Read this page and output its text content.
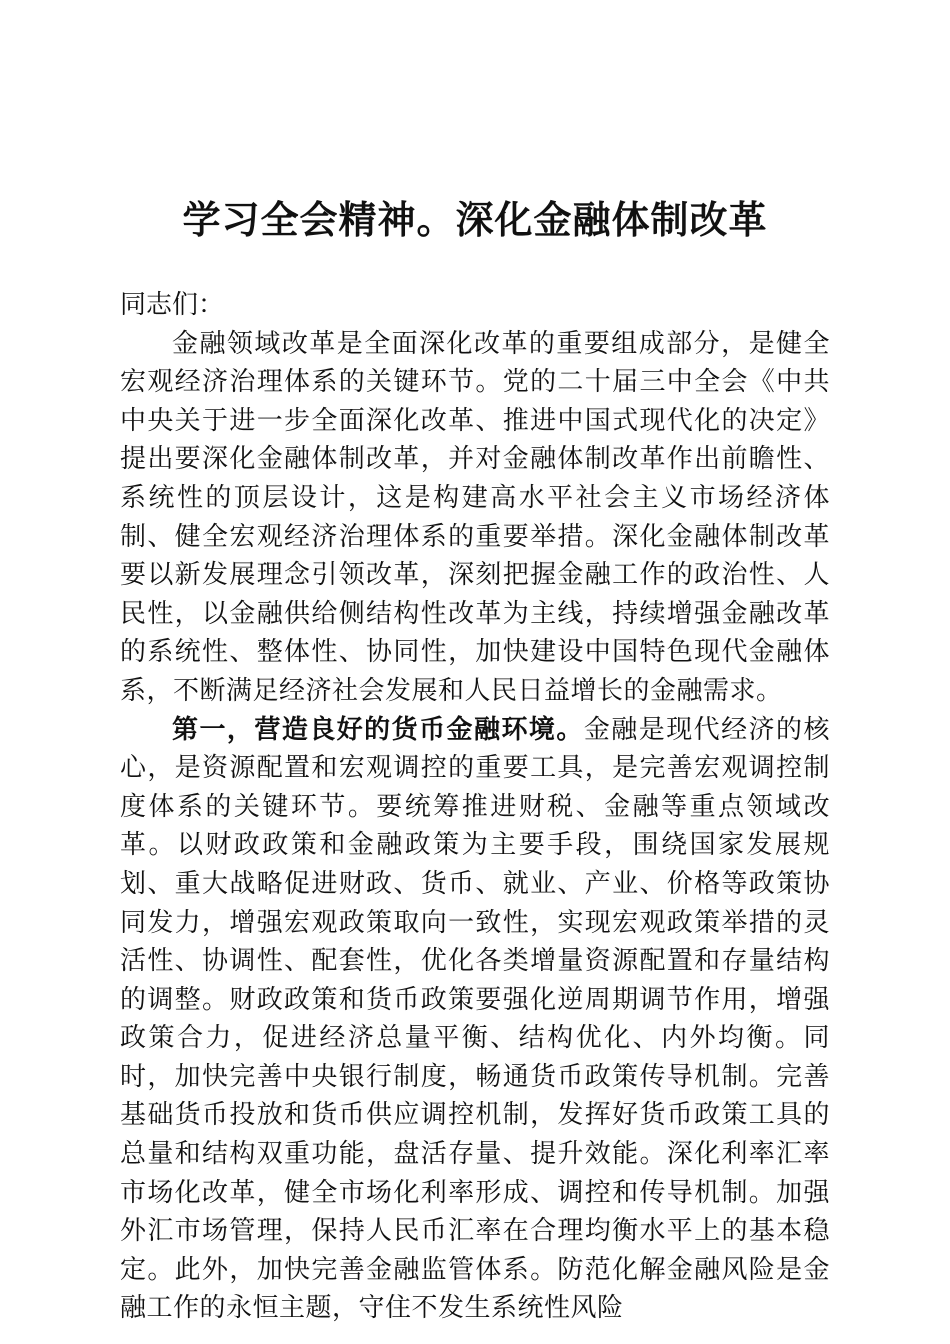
学习全会精神。深化金融体制改革

同志们：

金融领域改革是全面深化改革的重要组成部分，是健全宏观经济治理体系的关键环节。党的二十届三中全会《中共中央关于进一步全面深化改革、推进中国式现代化的决定》提出要深化金融体制改革，并对金融体制改革作出前瞻性、系统性的顶层设计，这是构建高水平社会主义市场经济体制、健全宏观经济治理体系的重要举措。深化金融体制改革要以新发展理念引领改革，深刻把握金融工作的政治性、人民性，以金融供给侧结构性改革为主线，持续增强金融改革的系统性、整体性、协同性，加快建设中国特色现代金融体系，不断满足经济社会发展和人民日益增长的金融需求。

第一，营造良好的货币金融环境。金融是现代经济的核心，是资源配置和宏观调控的重要工具，是完善宏观调控制度体系的关键环节。要统筹推进财税、金融等重点领域改革。以财政政策和金融政策为主要手段，围绕国家发展规划、重大战略促进财政、货币、就业、产业、价格等政策协同发力，增强宏观政策取向一致性，实现宏观政策举措的灵活性、协调性、配套性，优化各类增量资源配置和存量结构的调整。财政政策和货币政策要强化逆周期调节作用，增强政策合力，促进经济总量平衡、结构优化、内外均衡。同时，加快完善中央银行制度，畅通货币政策传导机制。完善基础货币投放和货币供应调控机制，发挥好货币政策工具的总量和结构双重功能，盘活存量、提升效能。深化利率汇率市场化改革，健全市场化利率形成、调控和传导机制。加强外汇市场管理，保持人民币汇率在合理均衡水平上的基本稳定。此外，加快完善金融监管体系。防范化解金融风险是金融工作的永恒主题，守住不发生系统性风险
